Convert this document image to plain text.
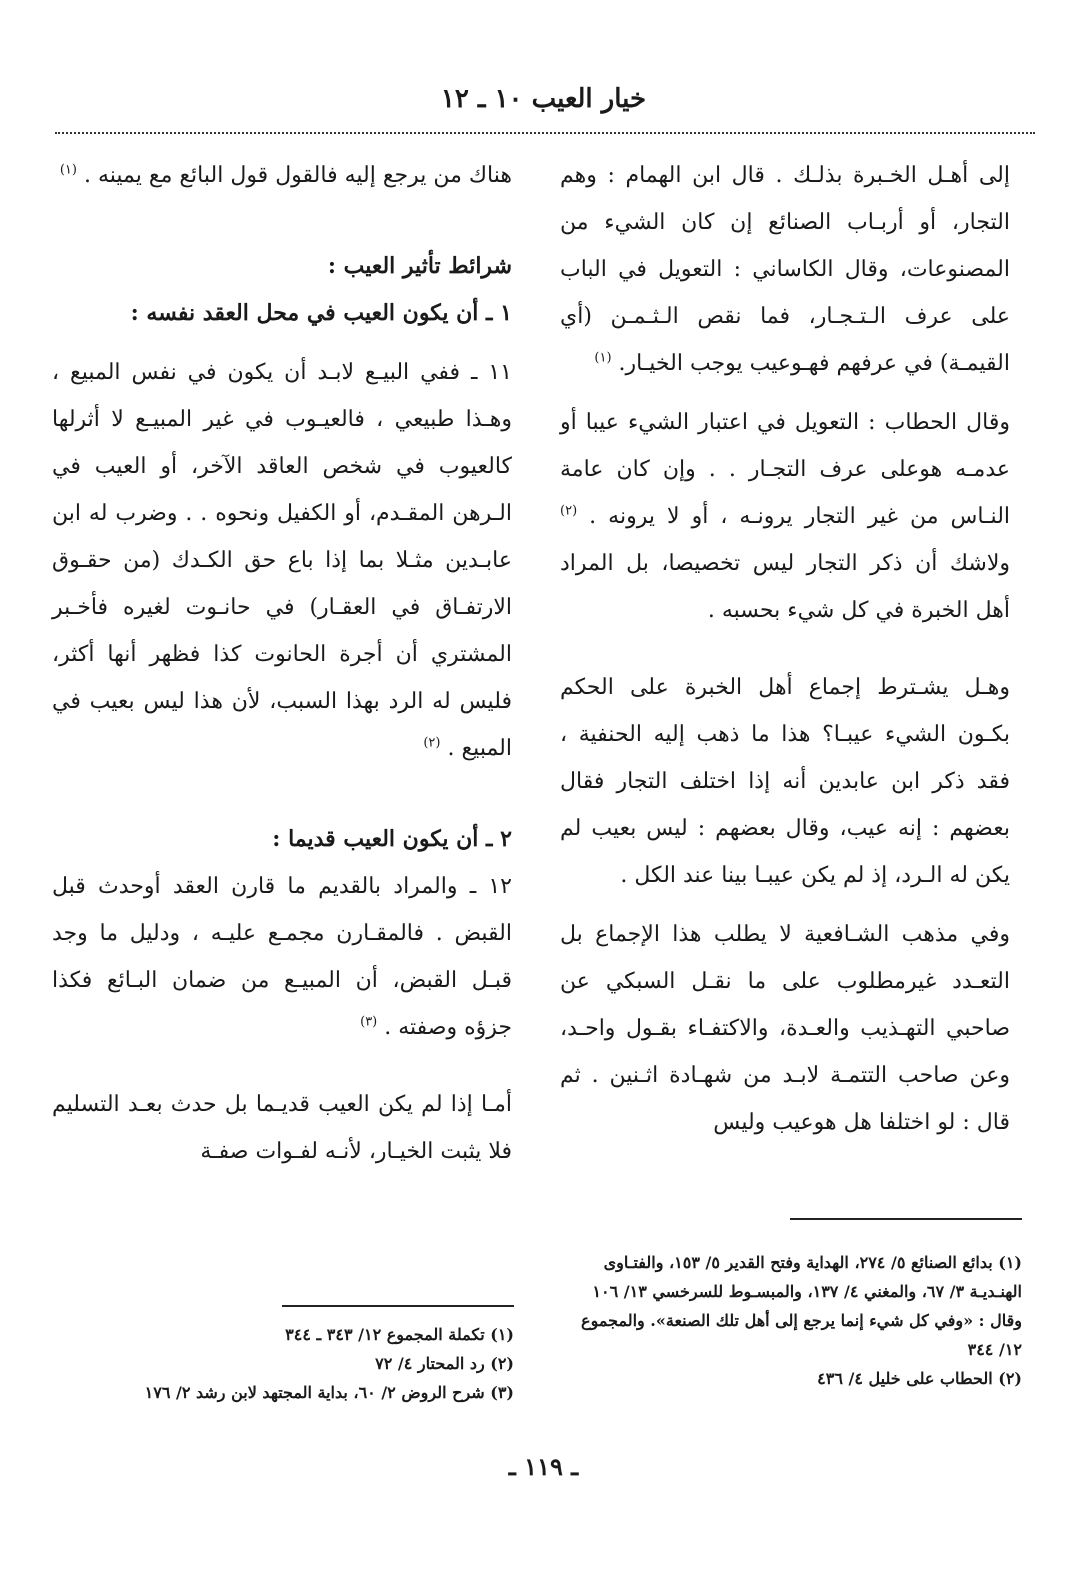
خيار العيب ١٠ ـ ١٢

إلى أهـل الخـبرة بذلـك . قال ابن الهمام : وهم التجار، أو أربـاب الصنائع إن كان الشيء من المصنوعات، وقال الكاساني : التعويل في الباب على عرف الـتـجـار، فما نقص الـثـمـن (أي القيمـة) في عرفهم فهـوعيب يوجب الخيـار. $^{(١)}$

وقال الحطاب : التعويل في اعتبار الشيء عيبا أو عدمـه هوعلى عرف التجـار . . وإن كان عامة النـاس من غير التجار يرونـه ، أو لا يرونه . $^{(٢)}$ ولاشك أن ذكر التجار ليس تخصيصا، بل المراد أهل الخبرة في كل شيء بحسبه .

وهـل يشـترط إجماع أهل الخبرة على الحكم بكـون الشيء عيبـا؟ هذا ما ذهب إليه الحنفية ، فقد ذكر ابن عابدين أنه إذا اختلف التجار فقال بعضهم : إنه عيب، وقال بعضهم : ليس بعيب لم يكن له الـرد، إذ لم يكن عيبـا بينا عند الكل .

وفي مذهب الشـافعية لا يطلب هذا الإجماع بل التعـدد غيرمطلوب على ما نقـل السبكي عن صاحبي التهـذيب والعـدة، والاكتفـاء بقـول واحـد، وعن صاحب التتمـة لابـد من شهـادة اثـنين . ثم قال : لو اختلفا هل هوعيب وليس

هناك من يرجع إليه فالقول قول البائع مع يمينه . $^{(١)}$

شرائط تأثير العيب :

١ ـ أن يكون العيب في محل العقد نفسه :

١١ ـ ففي البيـع لابـد أن يكون في نفس المبيع ، وهـذا طبيعي ، فالعيـوب في غير المبيـع لا أثرلها كالعيوب في شخص العاقد الآخر، أو العيب في الـرهن المقـدم، أو الكفيل ونحوه . . وضرب له ابن عابـدين مثـلا بما إذا باع حق الكـدك (من حقـوق الارتفـاق في العقـار) في حانـوت لغيره فأخـبر المشتري أن أجرة الحانوت كذا فظهر أنها أكثر، فليس له الرد بهذا السبب، لأن هذا ليس بعيب في المبيع . $^{(٢)}$

٢ ـ أن يكون العيب قديما :

١٢ ـ والمراد بالقديم ما قارن العقد أوحدث قبل القبض . فالمقـارن مجمـع عليـه ، ودليل ما وجد قبـل القبض، أن المبيـع من ضمان البـائع فكذا جزؤه وصفته . $^{(٣)}$

أمـا إذا لم يكن العيب قديـما بل حدث بعـد التسليم فلا يثبت الخيـار، لأنـه لفـوات صفـة

(١) بدائع الصنائع ٥/ ٢٧٤، الهداية وفتح القدير ٥/ ١٥٣، والفتـاوى الهنـديـة ٣/ ٦٧، والمغني ٤/ ١٣٧، والمبسـوط للسرخسي ١٣/ ١٠٦ وقال : «وفي كل شيء إنما يرجع إلى أهل تلك الصنعة». والمجموع ١٢/ ٣٤٤

(٢) الحطاب على خليل ٤/ ٤٣٦

(١) تكملة المجموع ١٢/ ٣٤٣ ـ ٣٤٤

(٢) رد المحتار ٤/ ٧٢

(٣) شرح الروض ٢/ ٦٠، بداية المجتهد لابن رشد ٢/ ١٧٦

ـ ١١٩ ـ
